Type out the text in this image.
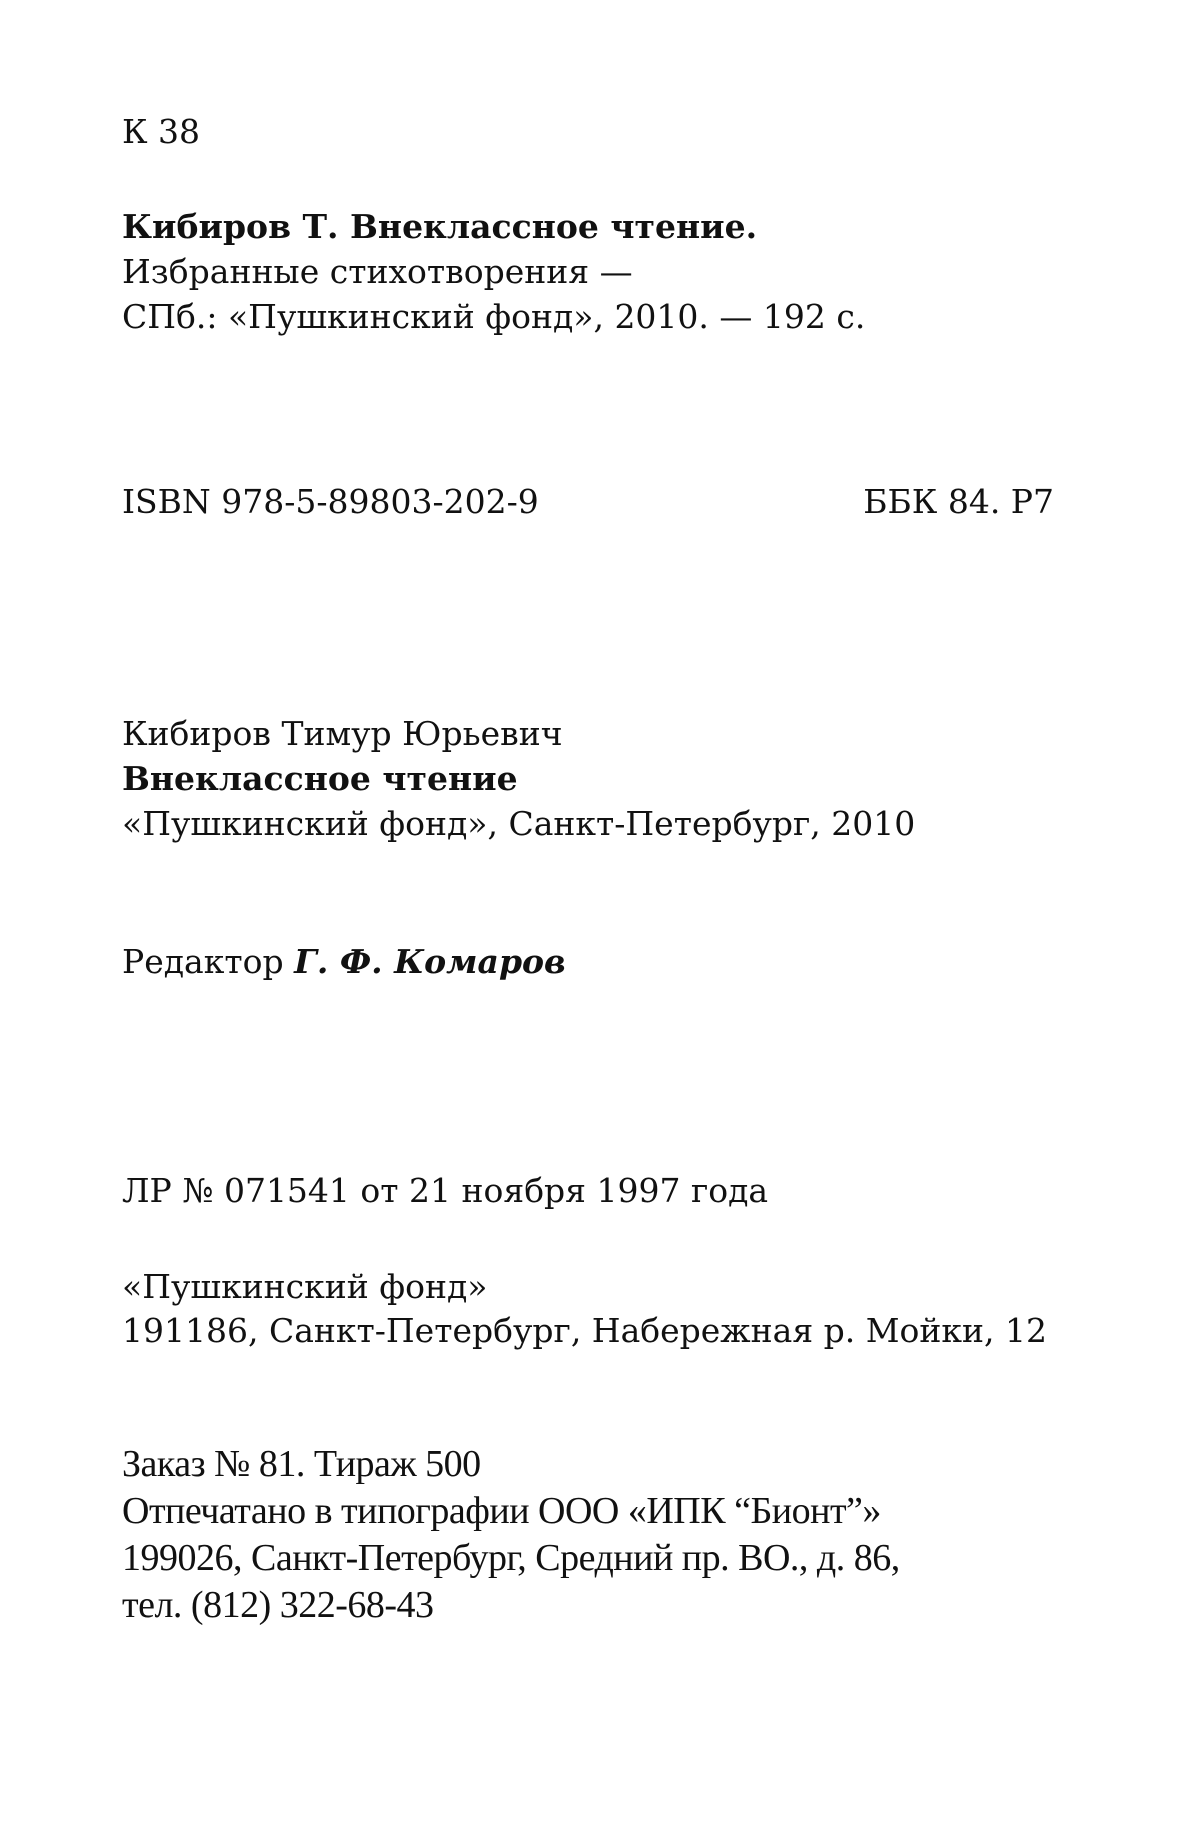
К 38
Кибиров Т. Внеклассное чтение.
Избранные стихотворения —
СПб.: «Пушкинский фонд», 2010. — 192 с.
ISBN 978-5-89803-202-9	ББК 84. Р7
Кибиров Тимур Юрьевич
Внеклассное чтение
«Пушкинский фонд», Санкт-Петербург, 2010
Редактор Г. Ф. Комаров
ЛР № 071541 от 21 ноября 1997 года
«Пушкинский фонд»
191186, Санкт-Петербург, Набережная р. Мойки, 12
Заказ № 81. Тираж 500
Отпечатано в типографии ООО «ИПК “Бионт”»
199026, Санкт-Петербург, Средний пр. ВО., д. 86,
тел. (812) 322-68-43
